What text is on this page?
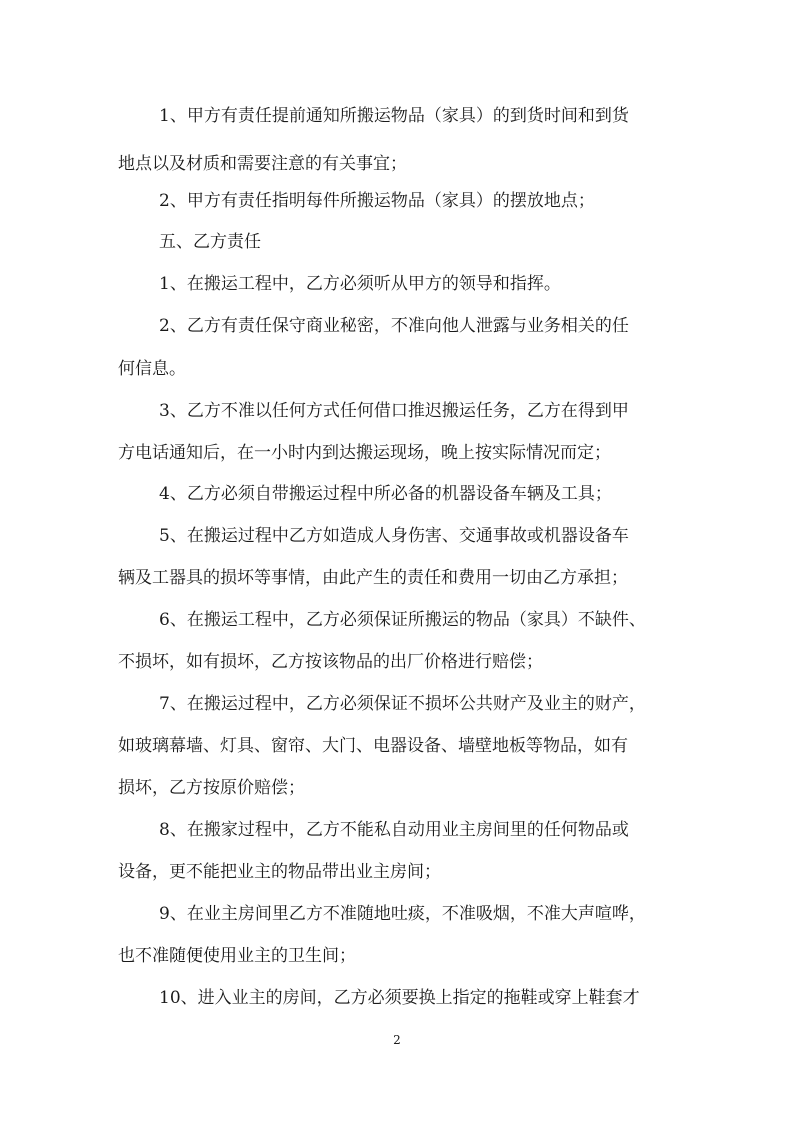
1、甲方有责任提前通知所搬运物品（家具）的到货时间和到货
地点以及材质和需要注意的有关事宜；
2、甲方有责任指明每件所搬运物品（家具）的摆放地点；
五、乙方责任
1、在搬运工程中，乙方必须听从甲方的领导和指挥。
2、乙方有责任保守商业秘密，不准向他人泄露与业务相关的任
何信息。
3、乙方不准以任何方式任何借口推迟搬运任务，乙方在得到甲
方电话通知后，在一小时内到达搬运现场，晚上按实际情况而定；
4、乙方必须自带搬运过程中所必备的机器设备车辆及工具；
5、在搬运过程中乙方如造成人身伤害、交通事故或机器设备车
辆及工器具的损坏等事情，由此产生的责任和费用一切由乙方承担；
6、在搬运工程中，乙方必须保证所搬运的物品（家具）不缺件、
不损坏，如有损坏，乙方按该物品的出厂价格进行赔偿；
7、在搬运过程中，乙方必须保证不损坏公共财产及业主的财产，
如玻璃幕墙、灯具、窗帘、大门、电器设备、墙壁地板等物品，如有
损坏，乙方按原价赔偿；
8、在搬家过程中，乙方不能私自动用业主房间里的任何物品或
设备，更不能把业主的物品带出业主房间；
9、在业主房间里乙方不准随地吐痰，不准吸烟，不准大声喧哗，
也不准随便使用业主的卫生间；
10、进入业主的房间，乙方必须要换上指定的拖鞋或穿上鞋套才
2
